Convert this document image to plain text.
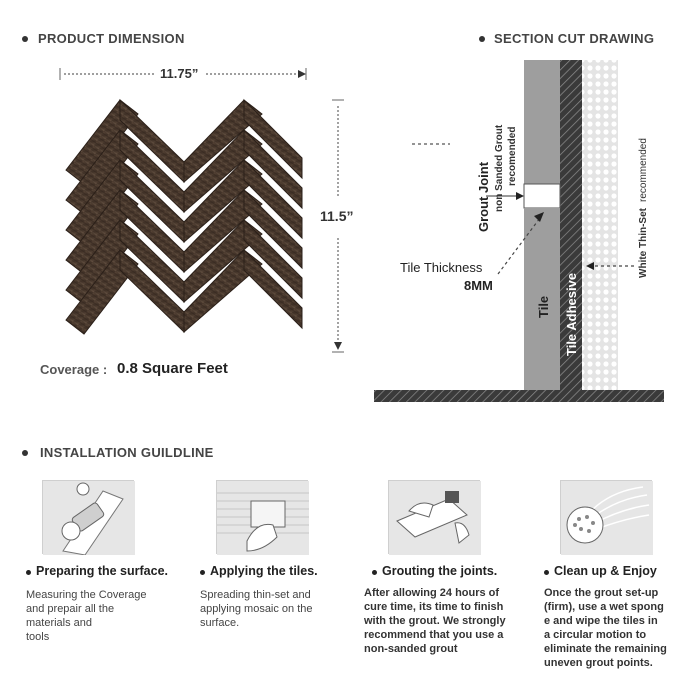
PRODUCT DIMENSION
11.75”
11.5”
Coverage : 0.8 Square Feet
SECTION CUT DRAWING
Tile Tile Adhesive
Grout Joint non Sanded Grout recomended
White Thin-Set
recommended
Tile Thickness
8MM
INSTALLATION GUILDLINE
Preparing the surface.
Measuring the Coverage
and prepair all the
materials and
tools
Applying the tiles.
Spreading thin-set and
applying mosaic on the
surface.
Grouting the joints.
After allowing 24 hours of
cure time, its time to finish
with the grout. We strongly
recommend that you use a
non-sanded grout
Clean up & Enjoy
Once the grout set-up
(firm), use a wet spong
e and wipe the tiles in
a circular motion to
eliminate the remaining
uneven grout points.
